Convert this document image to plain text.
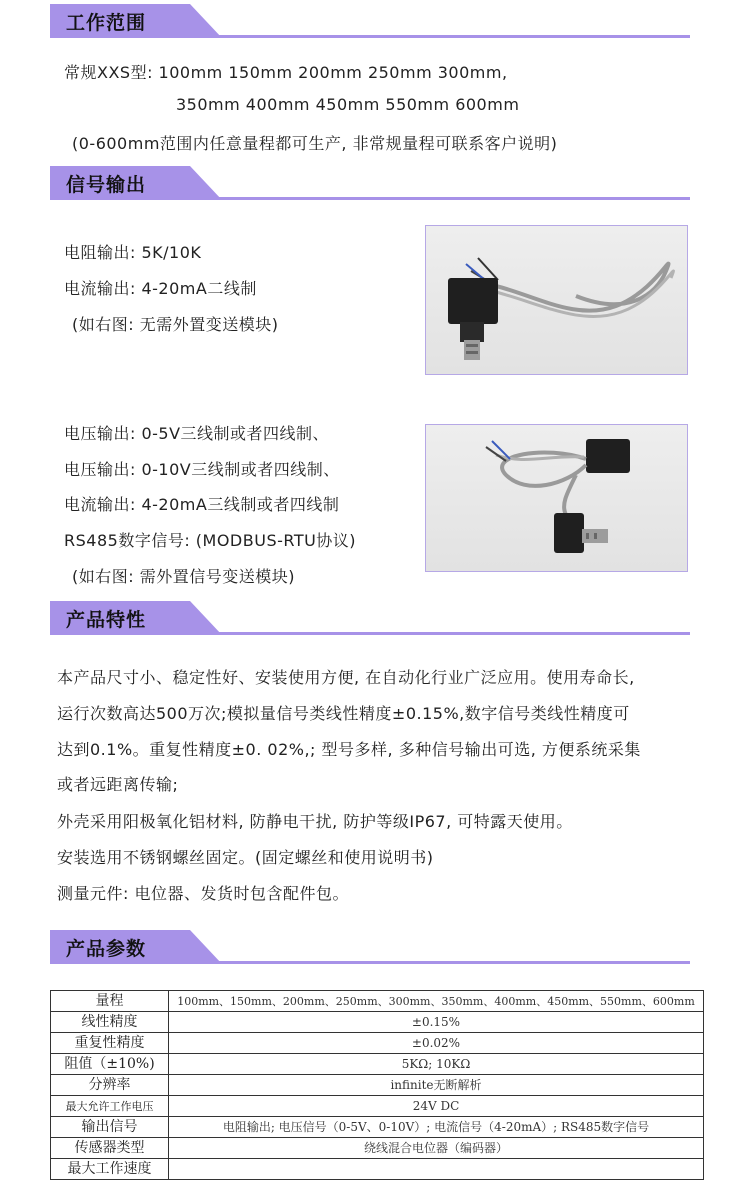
工作范围
常规XXS型: 100mm 150mm 200mm 250mm 300mm,
350mm 400mm 450mm 550mm 600mm
(0-600mm范围内任意量程都可生产, 非常规量程可联系客户说明)
信号输出
电阻输出: 5K/10K
电流输出: 4-20mA二线制
(如右图: 无需外置变送模块)
电压输出: 0-5V三线制或者四线制、
电压输出: 0-10V三线制或者四线制、
电流输出: 4-20mA三线制或者四线制
RS485数字信号: (MODBUS-RTU协议)
(如右图: 需外置信号变送模块)
产品特性
本产品尺寸小、稳定性好、安装使用方便, 在自动化行业广泛应用。使用寿命长,
运行次数高达500万次;模拟量信号类线性精度±0.15%,数字信号类线性精度可
达到0.1%。重复性精度±0. 02%,; 型号多样, 多种信号输出可选, 方便系统采集
或者远距离传输;
外壳采用阳极氧化铝材料, 防静电干扰, 防护等级IP67, 可特露天使用。
安装选用不锈钢螺丝固定。(固定螺丝和使用说明书)
测量元件: 电位器、发货时包含配件包。
产品参数
量程	100mm、150mm、200mm、250mm、300mm、350mm、400mm、450mm、550mm、600mm
线性精度	±0.15%
重复性精度	±0.02%
阻值（±10%)	5KΩ; 10KΩ
分辨率	infinite无断解析
最大允许工作电压	24V DC
输出信号	电阻输出; 电压信号（0-5V、0-10V）; 电流信号（4-20mA）; RS485数字信号
传感器类型	绕线混合电位器（编码器）
最大工作速度	
